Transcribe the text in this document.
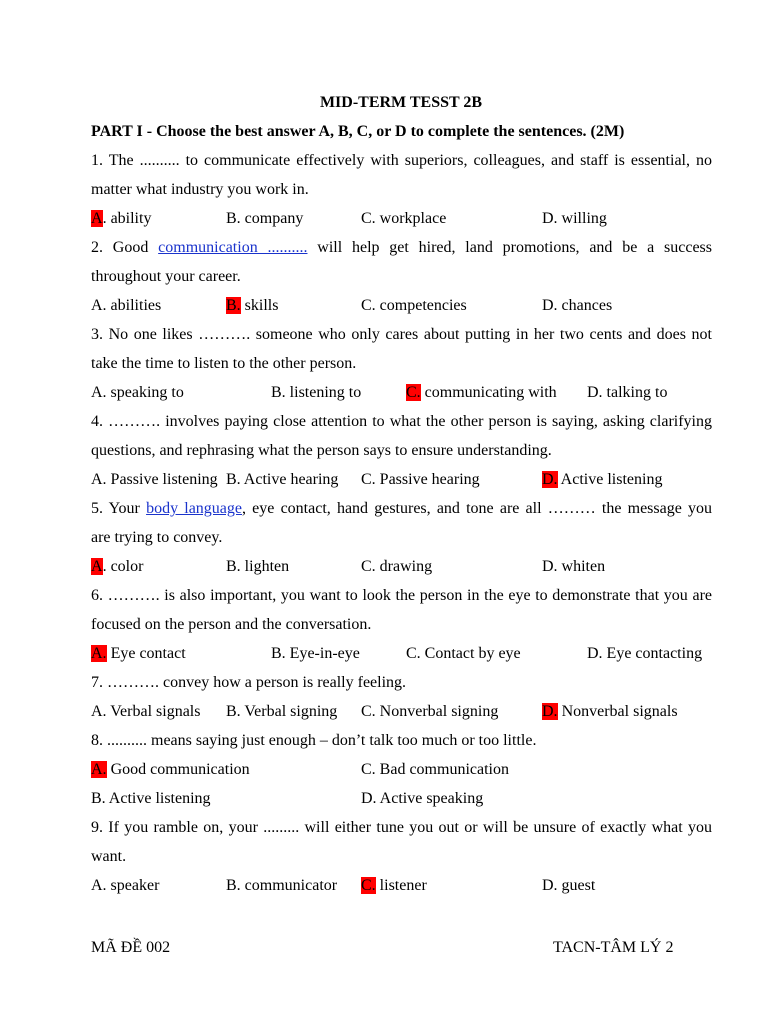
MID-TERM TESST 2B
PART I - Choose the best answer A, B, C, or D to complete the sentences. (2M)
1. The .......... to communicate effectively with superiors, colleagues, and staff is essential, no
matter what industry you work in.
A. ability	B. company	C. workplace	D. willing
2. Good communication .......... will help get hired, land promotions, and be a success
throughout your career.
A. abilities	B. skills	C. competencies	D. chances
3. No one likes ………. someone who only cares about putting in her two cents and does not
take the time to listen to the other person.
A. speaking to	B. listening to	C. communicating with D. talking to
4. ………. involves paying close attention to what the other person is saying, asking clarifying
questions, and rephrasing what the person says to ensure understanding.
A. Passive listening B. Active hearing C. Passive hearing	D. Active listening
5. Your body language, eye contact, hand gestures, and tone are all ……… the message you
are trying to convey.
A. color	B. lighten	C. drawing	D. whiten
6. ………. is also important, you want to look the person in the eye to demonstrate that you are
focused on the person and the conversation.
A. Eye contact	B. Eye-in-eye	C. Contact by eye	D. Eye contacting
7. ………. convey how a person is really feeling.
A. Verbal signals B. Verbal signing C. Nonverbal signing	D. Nonverbal signals
8. .......... means saying just enough – don’t talk too much or too little.
A. Good communication	C. Bad communication
B. Active listening	D. Active speaking
9. If you ramble on, your ......... will either tune you out or will be unsure of exactly what you
want.
A. speaker	B. communicator C. listener	D. guest
MÃ ĐỀ 002	TACN-TÂM LÝ 2
